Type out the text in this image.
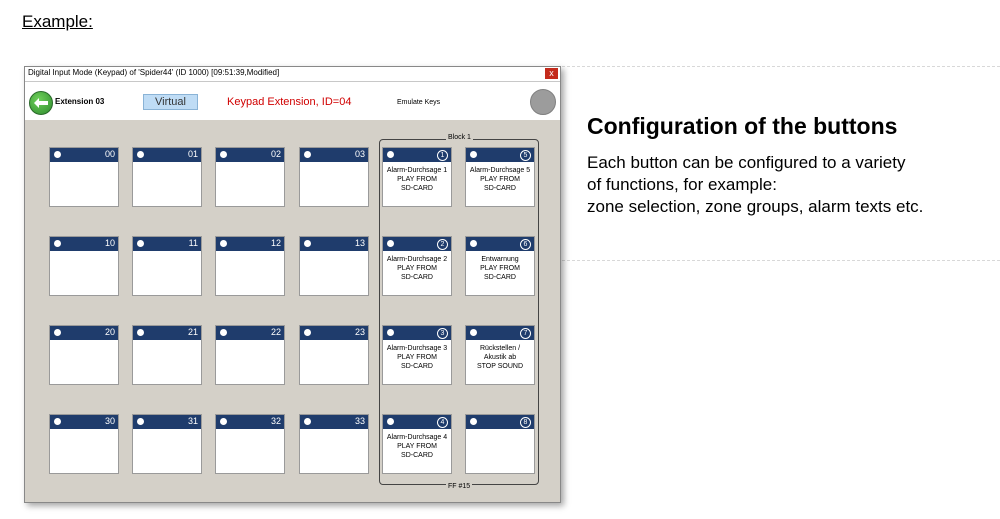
Example:
Digital Input Mode (Keypad) of 'Spider44' (ID 1000) [09:51:39,Modified]	x
Extension 03	Virtual	Keypad Extension, ID=04	Emulate Keys
00	01	02	03
10	11	12	13
20	21	22	23
30	31	32	33
Block 1
FF #15
1
Alarm-Durchsage 1
PLAY FROM
SD-CARD
5
Alarm-Durchsage 5
PLAY FROM
SD-CARD
2
Alarm-Durchsage 2
PLAY FROM
SD-CARD
6
Entwarnung
PLAY FROM
SD-CARD
3
Alarm-Durchsage 3
PLAY FROM
SD-CARD
7
Rückstellen /
Akustik ab
STOP SOUND
4
Alarm-Durchsage 4
PLAY FROM
SD-CARD
8
Configuration of the buttons
Each button can be configured to a variety
of functions, for example:
zone selection, zone groups, alarm texts etc.
